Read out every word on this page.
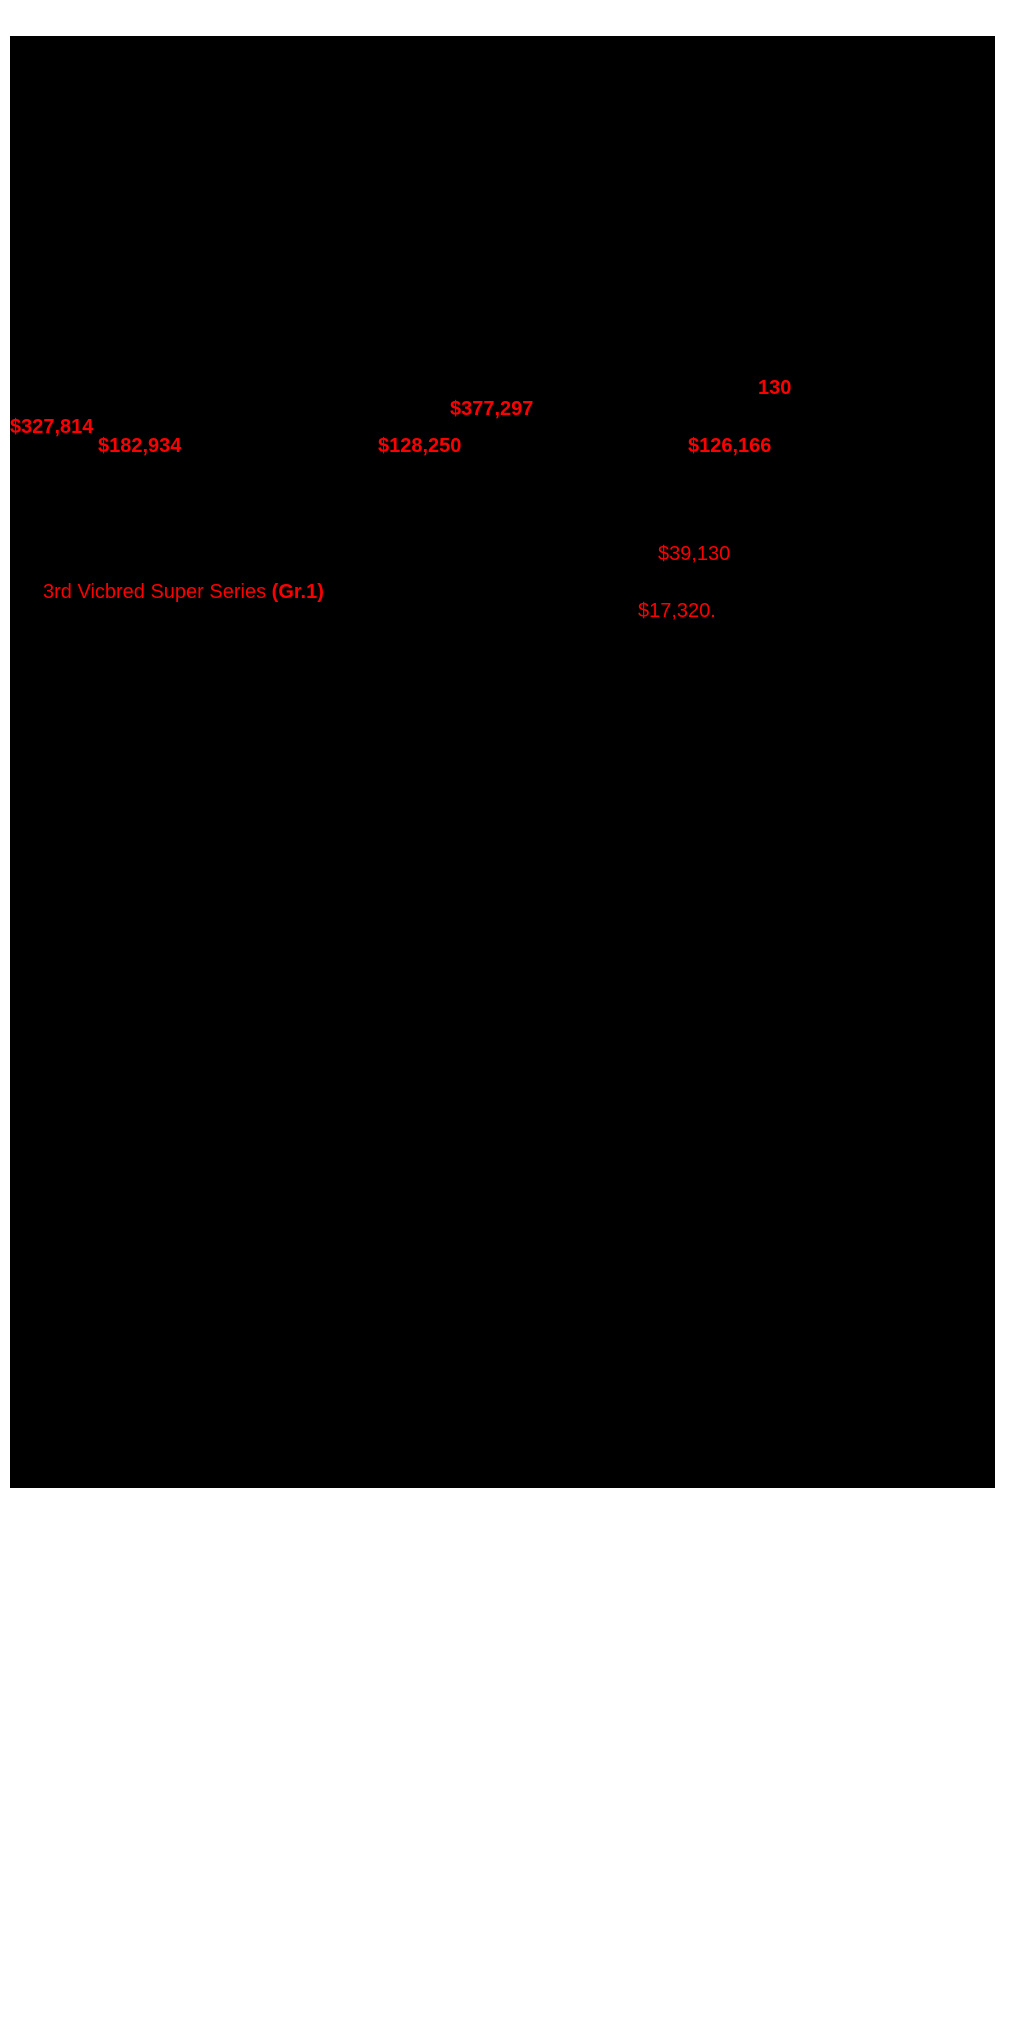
$327,814
$182,934	$128,250
$377,297
$126,166
130
$39,130
$17,320.
3rd Vicbred Super Series (Gr.1)
